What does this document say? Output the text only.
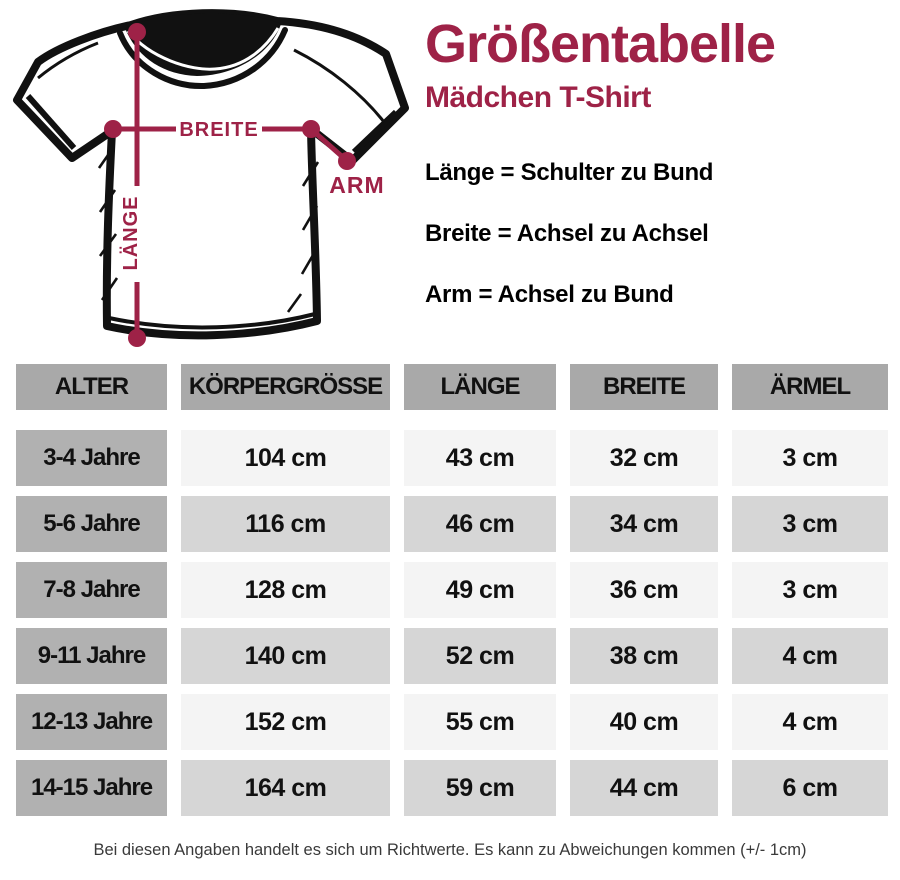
BREITE
LÄNGE
ARM
Größentabelle
Mädchen T-Shirt

Länge = Schulter zu Bund

Breite = Achsel zu Achsel

Arm = Achsel zu Bund

ALTER	KÖRPERGRÖSSE	LÄNGE	BREITE	ÄRMEL
3-4 Jahre	104 cm	43 cm	32 cm	3 cm
5-6 Jahre	116 cm	46 cm	34 cm	3 cm
7-8 Jahre	128 cm	49 cm	36 cm	3 cm
9-11 Jahre	140 cm	52 cm	38 cm	4 cm
12-13 Jahre	152 cm	55 cm	40 cm	4 cm
14-15 Jahre	164 cm	59 cm	44 cm	6 cm
Bei diesen Angaben handelt es sich um Richtwerte. Es kann zu Abweichungen kommen (+/- 1cm)
